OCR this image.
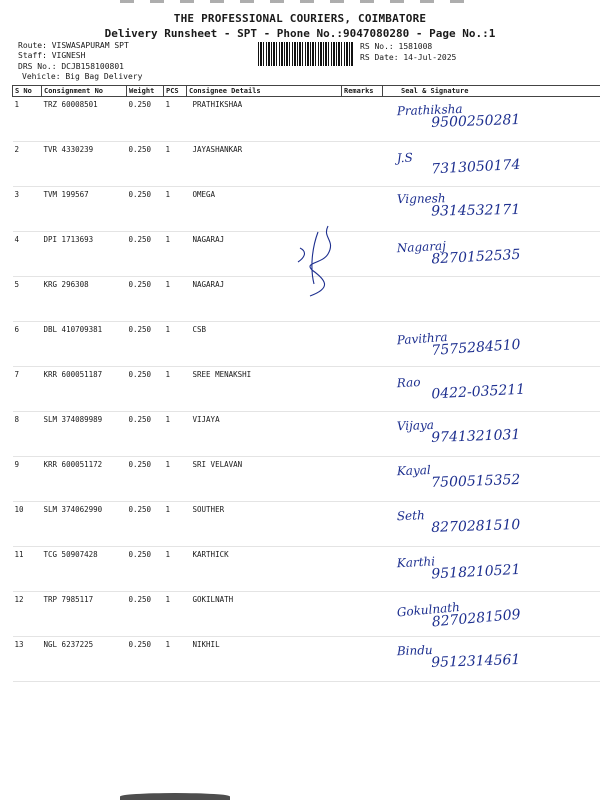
THE PROFESSIONAL COURIERS, COIMBATORE
Delivery Runsheet - SPT - Phone No.:9047080280 - Page No.:1
Route: VISWASAPURAM SPT
Staff: VIGNESH
DRS No.: DCJB158100801
Vehicle: Big Bag Delivery
RS No.: 1581008
RS Date: 14-Jul-2025
S No	Consignment No	Weight	PCS	Consignee Details	Remarks	Seal & Signature
1	TRZ 60008501	0.250	1	PRATHIKSHAA		Prathiksha
9500250281

2	TVR 4330239	0.250	1	JAYASHANKAR		J.S 7313050174

3	TVM 199567	0.250	1	OMEGA		Vignesh
9314532171

4	DPI 1713693	0.250	1	NAGARAJ		Nagaraj
8270152535

5	KRG 296308	0.250	1	NAGARAJ		

6	DBL 410709381	0.250	1	CSB		Pavithra
7575284510

7	KRR 600051187	0.250	1	SREE MENAKSHI		Rao 0422-035211

8	SLM 374089989	0.250	1	VIJAYA		Vijaya
9741321031

9	KRR 600051172	0.250	1	SRI VELAVAN		Kayal
7500515352

10	SLM 374062990	0.250	1	SOUTHER		Seth
8270281510

11	TCG 50907428	0.250	1	KARTHICK		Karthi
9518210521

12	TRP 7985117	0.250	1	GOKILNATH		Gokulnath
8270281509

13	NGL 6237225	0.250	1	NIKHIL		Bindu
9512314561
